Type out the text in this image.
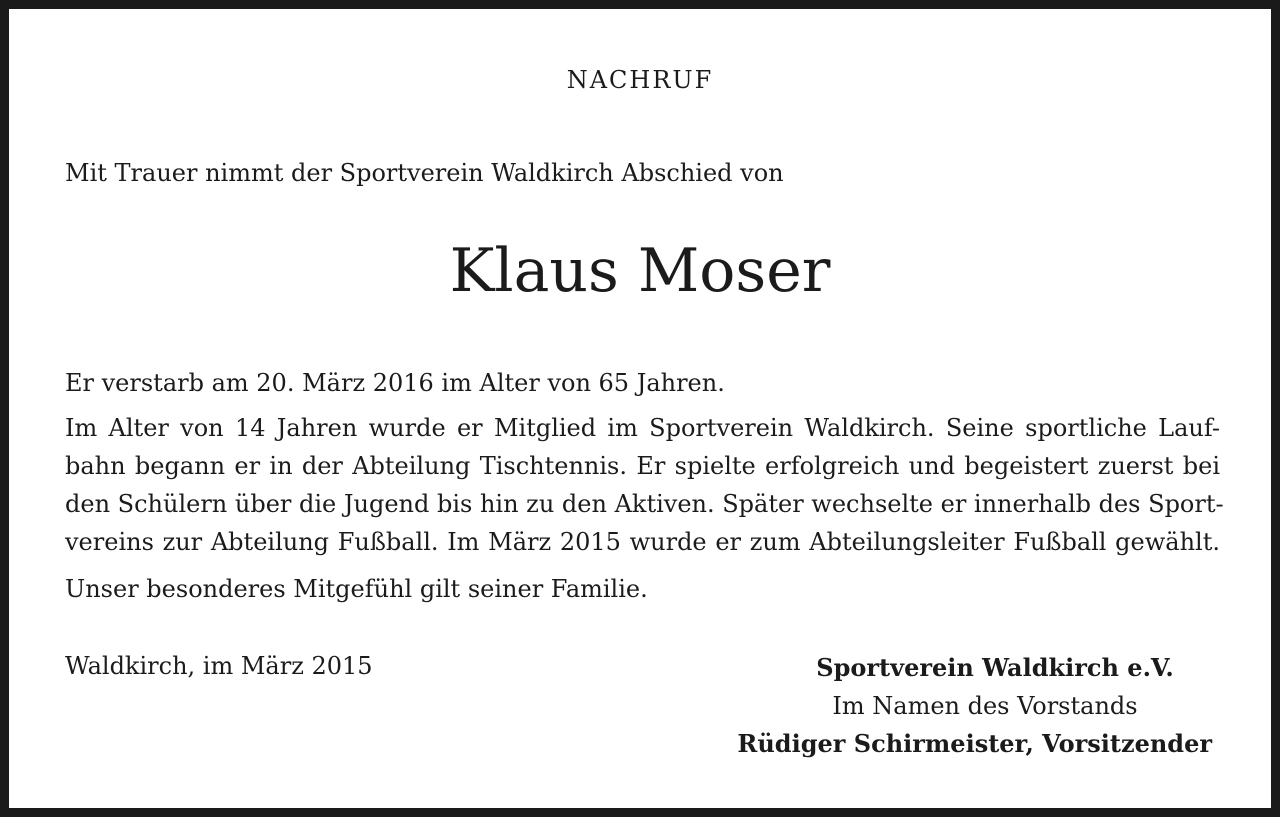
NACHRUF
Mit Trauer nimmt der Sportverein Waldkirch Abschied von
Klaus Moser
Er verstarb am 20. März 2016 im Alter von 65 Jahren.
Im Alter von 14 Jahren wurde er Mitglied im Sportverein Waldkirch. Seine sportliche Lauf-
bahn begann er in der Abteilung Tischtennis. Er spielte erfolgreich und begeistert zuerst bei
den Schülern über die Jugend bis hin zu den Aktiven. Später wechselte er innerhalb des Sport-
vereins zur Abteilung Fußball. Im März 2015 wurde er zum Abteilungsleiter Fußball gewählt.
Unser besonderes Mitgefühl gilt seiner Familie.
Waldkirch, im März 2015	Sportverein Waldkirch e.V.
Im Namen des Vorstands
Rüdiger Schirmeister, Vorsitzender
